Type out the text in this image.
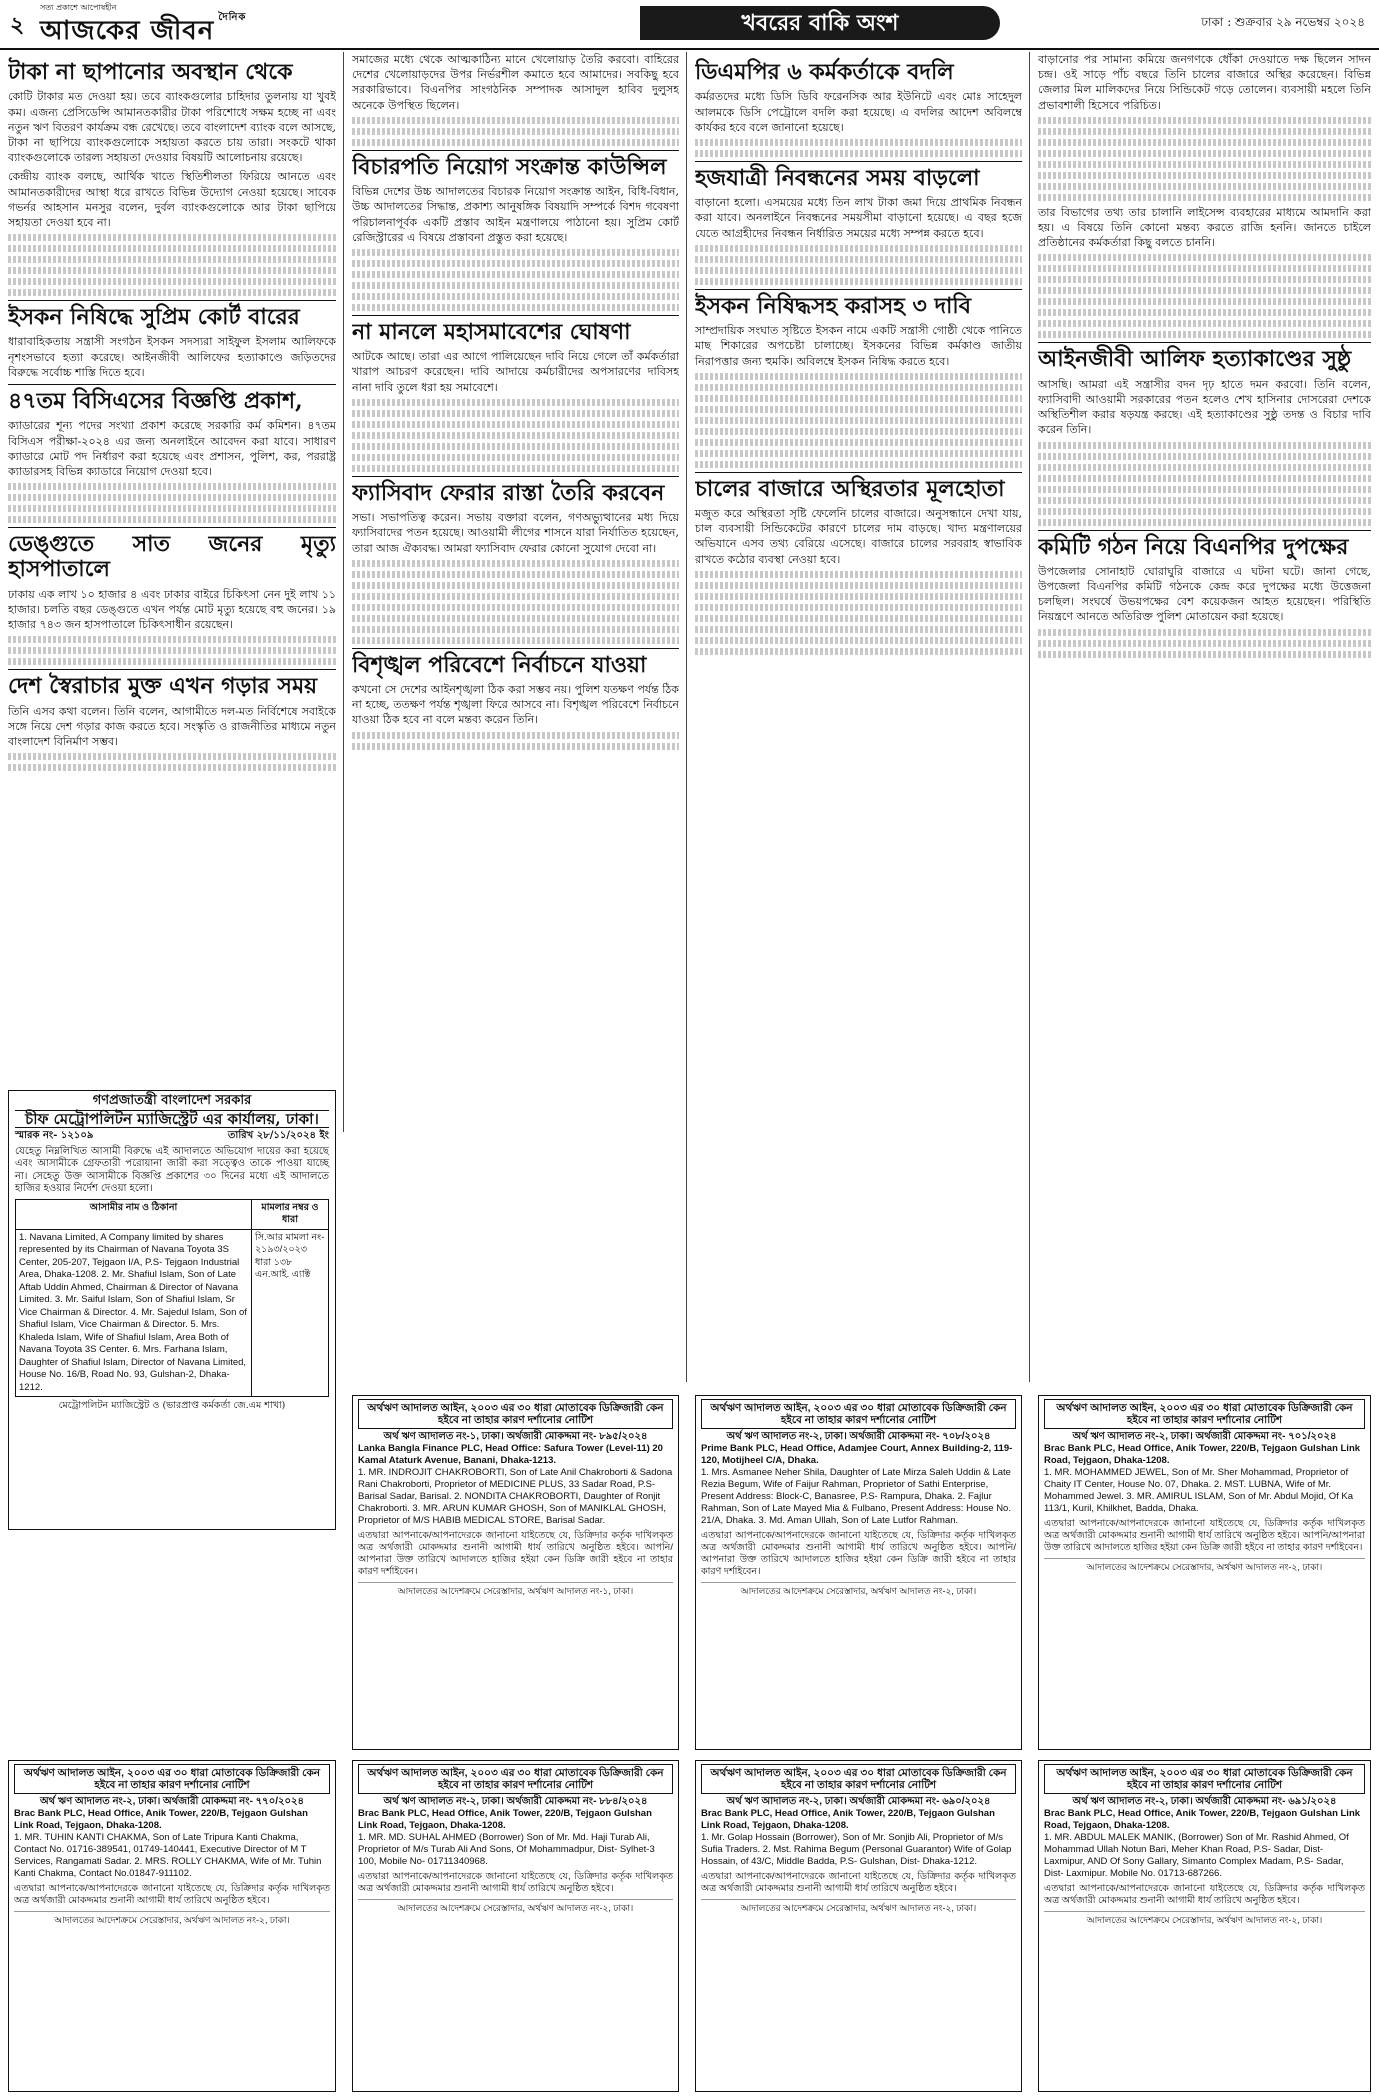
২
সত্য প্রকাশে আপোষহীন
আজকের জীবন $^{দৈনিক}$	খবরের বাকি অংশ	ঢাকা : শুক্রবার ২৯ নভেম্বর ২০২৪
টাকা না ছাপানোর অবস্থান থেকে

কোটি টাকার মত দেওয়া হয়। তবে ব্যাংকগুলোর চাহিদার তুলনায় যা খুবই কম। এজন্য প্রেসিডেন্সি আমানতকারীর টাকা পরিশোধে সক্ষম হচ্ছে না এবং নতুন ঋণ বিতরণ কার্যক্রম বন্ধ রেখেছে। তবে বাংলাদেশ ব্যাংক বলে আসছে, টাকা না ছাপিয়ে ব্যাংকগুলোকে সহায়তা করতে চায় তারা। সংকটে থাকা ব্যাংকগুলোকে তারল্য সহায়তা দেওয়ার বিষয়টি আলোচনায় রয়েছে।

কেন্দ্রীয় ব্যাংক বলছে, আর্থিক খাতে স্থিতিশীলতা ফিরিয়ে আনতে এবং আমানতকারীদের আস্থা ধরে রাখতে বিভিন্ন উদ্যোগ নেওয়া হয়েছে। সাবেক গভর্নর আহসান মনসুর বলেন, দুর্বল ব্যাংকগুলোকে আর টাকা ছাপিয়ে সহায়তা দেওয়া হবে না।

ইসকন নিষিদ্ধে সুপ্রিম কোর্ট বারের

ধারাবাহিকতায় সন্ত্রাসী সংগঠন ইসকন সদস্যরা সাইফুল ইসলাম আলিফকে নৃশংসভাবে হত্যা করেছে। আইনজীবী আলিফের হত্যাকাণ্ডে জড়িতদের বিরুদ্ধে সর্বোচ্চ শাস্তি দিতে হবে।

৪৭তম বিসিএসের বিজ্ঞপ্তি প্রকাশ,

ক্যাডারের শূন্য পদের সংখ্যা প্রকাশ করেছে সরকারি কর্ম কমিশন। ৪৭তম বিসিএস পরীক্ষা-২০২৪ এর জন্য অনলাইনে আবেদন করা যাবে। সাধারণ ক্যাডারে মোট পদ নির্ধারণ করা হয়েছে এবং প্রশাসন, পুলিশ, কর, পররাষ্ট্র ক্যাডারসহ বিভিন্ন ক্যাডারে নিয়োগ দেওয়া হবে।

ডেঙ্গুতে সাত জনের মৃত্যু হাসপাতালে

ঢাকায় এক লাখ ১০ হাজার ৪ এবং ঢাকার বাইরে চিকিৎসা নেন দুই লাখ ১১ হাজার। চলতি বছর ডেঙ্গুতে এখন পর্যন্ত মোট মৃত্যু হয়েছে বহু জনের। ১৯ হাজার ৭৪৩ জন হাসপাতালে চিকিৎসাধীন রয়েছেন।

দেশ স্বৈরাচার মুক্ত এখন গড়ার সময়

তিনি এসব কথা বলেন। তিনি বলেন, আগামীতে দল-মত নির্বিশেষে সবাইকে সঙ্গে নিয়ে দেশ গড়ার কাজ করতে হবে। সংস্কৃতি ও রাজনীতির মাধ্যমে নতুন বাংলাদেশ বিনির্মাণ সম্ভব।

সমাজের মধ্যে থেকে আত্মকাঠিন্য মানে খেলোয়াড় তৈরি করবো। বাহিরের দেশের খেলোয়াড়দের উপর নির্ভরশীল কমাতে হবে আমাদের। সবকিছু হবে সরকারিভাবে। বিএনপির সাংগঠনিক সম্পাদক আসাদুল হাবিব দুলুসহ অনেকে উপস্থিত ছিলেন।

বিচারপতি নিয়োগ সংক্রান্ত কাউন্সিল

বিভিন্ন দেশের উচ্চ আদালতের বিচারক নিয়োগ সংক্রান্ত আইন, বিধি-বিধান, উচ্চ আদালতের সিদ্ধান্ত, প্রকাশ্য আনুষঙ্গিক বিষয়াদি সম্পর্কে বিশদ গবেষণা পরিচালনাপূর্বক একটি প্রস্তাব আইন মন্ত্রণালয়ে পাঠানো হয়। সুপ্রিম কোর্ট রেজিস্ট্রারের এ বিষয়ে প্রস্তাবনা প্রস্তুত করা হয়েছে।

না মানলে মহাসমাবেশের ঘোষণা

আটকে আছে। তারা এর আগে পালিয়েছেন দাবি নিয়ে গেলে তাঁ কর্মকর্তারা খারাপ আচরণ করেছেন। দাবি আদায়ে কর্মচারীদের অপসারণের দাবিসহ নানা দাবি তুলে ধরা হয় সমাবেশে।

ফ্যাসিবাদ ফেরার রাস্তা তৈরি করবেন

সভা। সভাপতিত্ব করেন। সভায় বক্তারা বলেন, গণঅভ্যুত্থানের মধ্য দিয়ে ফ্যাসিবাদের পতন হয়েছে। আওয়ামী লীগের শাসনে যারা নির্যাতিত হয়েছেন, তারা আজ ঐক্যবদ্ধ। আমরা ফ্যাসিবাদ ফেরার কোনো সুযোগ দেবো না।

বিশৃঙ্খল পরিবেশে নির্বাচনে যাওয়া

কখনো সে দেশের আইনশৃঙ্খলা ঠিক করা সম্ভব নয়। পুলিশ যতক্ষণ পর্যন্ত ঠিক না হচ্ছে, ততক্ষণ পর্যন্ত শৃঙ্খলা ফিরে আসবে না। বিশৃঙ্খল পরিবেশে নির্বাচনে যাওয়া ঠিক হবে না বলে মন্তব্য করেন তিনি।

ডিএমপির ৬ কর্মকর্তাকে বদলি

কর্মরতদের মধ্যে ডিসি ডিবি ফরেনসিক আর ইউনিটে এবং মোঃ সাহেদুল আলমকে ডিসি পেট্রোলে বদলি করা হয়েছে। এ বদলির আদেশ অবিলম্বে কার্যকর হবে বলে জানানো হয়েছে।

হজযাত্রী নিবন্ধনের সময় বাড়লো

বাড়ানো হলো। এসময়ের মধ্যে তিন লাখ টাকা জমা দিয়ে প্রাথমিক নিবন্ধন করা যাবে। অনলাইনে নিবন্ধনের সময়সীমা বাড়ানো হয়েছে। এ বছর হজে যেতে আগ্রহীদের নিবন্ধন নির্ধারিত সময়ের মধ্যে সম্পন্ন করতে হবে।

ইসকন নিষিদ্ধসহ করাসহ ৩ দাবি

সাম্প্রদায়িক সংঘাত সৃষ্টিতে ইসকন নামে একটি সন্ত্রাসী গোষ্ঠী থেকে পানিতে মাছ শিকারের অপচেষ্টা চালাচ্ছে। ইসকনের বিভিন্ন কর্মকাণ্ড জাতীয় নিরাপত্তার জন্য হুমকি। অবিলম্বে ইসকন নিষিদ্ধ করতে হবে।

চালের বাজারে অস্থিরতার মূলহোতা

মজুত করে অস্থিরতা সৃষ্টি ফেলেনি চালের বাজারে। অনুসন্ধানে দেখা যায়, চাল ব্যবসায়ী সিন্ডিকেটের কারণে চালের দাম বাড়ছে। খাদ্য মন্ত্রণালয়ের অভিযানে এসব তথ্য বেরিয়ে এসেছে। বাজারে চালের সরবরাহ স্বাভাবিক রাখতে কঠোর ব্যবস্থা নেওয়া হবে।

বাড়ানোর পর সামান্য কমিয়ে জনগণকে ধোঁকা দেওয়াতে দক্ষ ছিলেন সাদন চন্দ্র। ওই সাড়ে পাঁচ বছরে তিনি চালের বাজারে অস্থির করেছেন। বিভিন্ন জেলার মিল মালিকদের নিয়ে সিন্ডিকেট গড়ে তোলেন। ব্যবসায়ী মহলে তিনি প্রভাবশালী হিসেবে পরিচিত।

তার বিভাগের তথ্য তার চালানি লাইসেন্স ব্যবহারের মাধ্যমে আমদানি করা হয়। এ বিষয়ে তিনি কোনো মন্তব্য করতে রাজি হননি। জানতে চাইলে প্রতিষ্ঠানের কর্মকর্তারা কিছু বলতে চাননি।

আইনজীবী আলিফ হত্যাকাণ্ডের সুষ্ঠু

আসছি। আমরা এই সন্ত্রাসীর বদন দৃঢ় হাতে দমন করবো। তিনি বলেন, ফ্যাসিবাদী আওয়ামী সরকারের পতন হলেও শেখ হাসিনার দোসরেরা দেশকে অস্থিতিশীল করার ষড়যন্ত্র করছে। এই হত্যাকাণ্ডের সুষ্ঠু তদন্ত ও বিচার দাবি করেন তিনি।

কমিটি গঠন নিয়ে বিএনপির দুপক্ষের

উপজেলার সোনাহাট ঘোরাঘুরি বাজারে এ ঘটনা ঘটে। জানা গেছে, উপজেলা বিএনপির কমিটি গঠনকে কেন্দ্র করে দুপক্ষের মধ্যে উত্তেজনা চলছিল। সংঘর্ষে উভয়পক্ষের বেশ কয়েকজন আহত হয়েছেন। পরিস্থিতি নিয়ন্ত্রণে আনতে অতিরিক্ত পুলিশ মোতায়েন করা হয়েছে।

গণপ্রজাতন্ত্রী বাংলাদেশ সরকার
চীফ মেট্রোপলিটন ম্যাজিস্ট্রেট এর কার্যালয়, ঢাকা।
স্মারক নং- ১২১০৯	তারিখ ২৮/১১/২০২৪ ইং
যেহেতু নিম্নলিখিত আসামী বিরুদ্ধে এই আদালতে অভিযোগ দায়ের করা হয়েছে এবং আসামীকে গ্রেফতারী পরোয়ানা জারী করা সত্ত্বেও তাকে পাওয়া যাচ্ছে না। সেহেতু উক্ত আসামীকে বিজ্ঞপ্তি প্রকাশের ৩০ দিনের মধ্যে এই আদালতে হাজির হওয়ার নির্দেশ দেওয়া হলো।
আসামীর নাম ও ঠিকানা	মামলার নম্বর ও ধারা
1. Navana Limited, A Company limited by shares represented by its Chairman of Navana Toyota 3S Center, 205-207, Tejgaon I/A, P.S- Tejgaon Industrial Area, Dhaka-1208. 2. Mr. Shafiul Islam, Son of Late Aftab Uddin Ahmed, Chairman & Director of Navana Limited. 3. Mr. Saiful Islam, Son of Shafiul Islam, Sr Vice Chairman & Director. 4. Mr. Sajedul Islam, Son of Shafiul Islam, Vice Chairman & Director. 5. Mrs. Khaleda Islam, Wife of Shafiul Islam, Area Both of Navana Toyota 3S Center. 6. Mrs. Farhana Islam, Daughter of Shafiul Islam, Director of Navana Limited, House No. 16/B, Road No. 93, Gulshan-2, Dhaka-1212.	সি.আর মামলা নং- ২১৯৩/২০২৩ ধারা ১৩৮ এন.আই. এ্যাক্ট
মেট্রোপলিটন ম্যাজিস্ট্রেট ও (ভারপ্রাপ্ত কর্মকর্তা জে.এম শাখা)	অর্থঋণ আদালত আইন, ২০০৩ এর ৩০ ধারা মোতাবেক ডিক্রিজারী কেন হইবে না তাহার কারণ দর্শানোর নোটিশ
অর্থ ঋণ আদালত নং-১, ঢাকা। অর্থজারী মোকদ্দমা নং- ৮৯৫/২০২৪
Lanka Bangla Finance PLC, Head Office: Safura Tower (Level-11) 20 Kamal Ataturk Avenue, Banani, Dhaka-1213.
1. MR. INDROJIT CHAKROBORTI, Son of Late Anil Chakroborti & Sadona Rani Chakroborti, Proprietor of MEDICINE PLUS, 33 Sadar Road, P.S- Barisal Sadar, Barisal. 2. NONDITA CHAKROBORTI, Daughter of Ronjit Chakroborti. 3. MR. ARUN KUMAR GHOSH, Son of MANIKLAL GHOSH, Proprietor of M/S HABIB MEDICAL STORE, Barisal Sadar.
এতদ্বারা আপনাকে/আপনাদেরকে জানানো যাইতেছে যে, ডিক্রিদার কর্তৃক দাখিলকৃত অত্র অর্থজারী মোকদ্দমার শুনানী আগামী ধার্য তারিখে অনুষ্ঠিত হইবে। আপনি/আপনারা উক্ত তারিখে আদালতে হাজির হইয়া কেন ডিক্রি জারী হইবে না তাহার কারণ দর্শাইবেন।
আদালতের আদেশক্রমে সেরেস্তাদার, অর্থঋণ আদালত নং-১, ঢাকা।
অর্থঋণ আদালত আইন, ২০০৩ এর ৩০ ধারা মোতাবেক ডিক্রিজারী কেন হইবে না তাহার কারণ দর্শানোর নোটিশ
অর্থ ঋণ আদালত নং-২, ঢাকা। অর্থজারী মোকদ্দমা নং- ৭০৮/২০২৪
Prime Bank PLC, Head Office, Adamjee Court, Annex Building-2, 119-120, Motijheel C/A, Dhaka.
1. Mrs. Asmanee Neher Shila, Daughter of Late Mirza Saleh Uddin & Late Rezia Begum, Wife of Faijur Rahman, Proprietor of Sathi Enterprise, Present Address: Block-C, Banasree, P.S- Rampura, Dhaka. 2. Fajlur Rahman, Son of Late Mayed Mia & Fulbano, Present Address: House No. 21/A, Dhaka. 3. Md. Aman Ullah, Son of Late Lutfor Rahman.
এতদ্বারা আপনাকে/আপনাদেরকে জানানো যাইতেছে যে, ডিক্রিদার কর্তৃক দাখিলকৃত অত্র অর্থজারী মোকদ্দমার শুনানী আগামী ধার্য তারিখে অনুষ্ঠিত হইবে। আপনি/আপনারা উক্ত তারিখে আদালতে হাজির হইয়া কেন ডিক্রি জারী হইবে না তাহার কারণ দর্শাইবেন।
আদালতের আদেশক্রমে সেরেস্তাদার, অর্থঋণ আদালত নং-২, ঢাকা।
অর্থঋণ আদালত আইন, ২০০৩ এর ৩০ ধারা মোতাবেক ডিক্রিজারী কেন হইবে না তাহার কারণ দর্শানোর নোটিশ
অর্থ ঋণ আদালত নং-২, ঢাকা। অর্থজারী মোকদ্দমা নং- ৭০১/২০২৪
Brac Bank PLC, Head Office, Anik Tower, 220/B, Tejgaon Gulshan Link Road, Tejgaon, Dhaka-1208.
1. MR. MOHAMMED JEWEL, Son of Mr. Sher Mohammad, Proprietor of Chaity IT Center, House No. 07, Dhaka. 2. MST. LUBNA, Wife of Mr. Mohammed Jewel. 3. MR. AMIRUL ISLAM, Son of Mr. Abdul Mojid, Of Ka 113/1, Kuril, Khilkhet, Badda, Dhaka.
এতদ্বারা আপনাকে/আপনাদেরকে জানানো যাইতেছে যে, ডিক্রিদার কর্তৃক দাখিলকৃত অত্র অর্থজারী মোকদ্দমার শুনানী আগামী ধার্য তারিখে অনুষ্ঠিত হইবে। আপনি/আপনারা উক্ত তারিখে আদালতে হাজির হইয়া কেন ডিক্রি জারী হইবে না তাহার কারণ দর্শাইবেন।
আদালতের আদেশক্রমে সেরেস্তাদার, অর্থঋণ আদালত নং-২, ঢাকা।
অর্থঋণ আদালত আইন, ২০০৩ এর ৩০ ধারা মোতাবেক ডিক্রিজারী কেন হইবে না তাহার কারণ দর্শানোর নোটিশ
অর্থ ঋণ আদালত নং-২, ঢাকা। অর্থজারী মোকদ্দমা নং- ৭৭০/২০২৪
Brac Bank PLC, Head Office, Anik Tower, 220/B, Tejgaon Gulshan Link Road, Tejgaon, Dhaka-1208.
1. MR. TUHIN KANTI CHAKMA, Son of Late Tripura Kanti Chakma, Contact No. 01716-389541, 01749-140441, Executive Director of M T Services, Rangamati Sadar. 2. MRS. ROLLY CHAKMA, Wife of Mr. Tuhin Kanti Chakma, Contact No.01847-911102.
এতদ্বারা আপনাকে/আপনাদেরকে জানানো যাইতেছে যে, ডিক্রিদার কর্তৃক দাখিলকৃত অত্র অর্থজারী মোকদ্দমার শুনানী আগামী ধার্য তারিখে অনুষ্ঠিত হইবে।
আদালতের আদেশক্রমে সেরেস্তাদার, অর্থঋণ আদালত নং-২, ঢাকা।
অর্থঋণ আদালত আইন, ২০০৩ এর ৩০ ধারা মোতাবেক ডিক্রিজারী কেন হইবে না তাহার কারণ দর্শানোর নোটিশ
অর্থ ঋণ আদালত নং-২, ঢাকা। অর্থজারী মোকদ্দমা নং- ৮৮৪/২০২৪
Brac Bank PLC, Head Office, Anik Tower, 220/B, Tejgaon Gulshan Link Road, Tejgaon, Dhaka-1208.
1. MR. MD. SUHAL AHMED (Borrower) Son of Mr. Md. Haji Turab Ali, Proprietor of M/s Turab Ali And Sons, Of Mohammadpur, Dist- Sylhet-3 100, Mobile No- 01711340968.
এতদ্বারা আপনাকে/আপনাদেরকে জানানো যাইতেছে যে, ডিক্রিদার কর্তৃক দাখিলকৃত অত্র অর্থজারী মোকদ্দমার শুনানী আগামী ধার্য তারিখে অনুষ্ঠিত হইবে।
আদালতের আদেশক্রমে সেরেস্তাদার, অর্থঋণ আদালত নং-২, ঢাকা।
অর্থঋণ আদালত আইন, ২০০৩ এর ৩০ ধারা মোতাবেক ডিক্রিজারী কেন হইবে না তাহার কারণ দর্শানোর নোটিশ
অর্থ ঋণ আদালত নং-২, ঢাকা। অর্থজারী মোকদ্দমা নং- ৬৯০/২০২৪
Brac Bank PLC, Head Office, Anik Tower, 220/B, Tejgaon Gulshan Link Road, Tejgaon, Dhaka-1208.
1. Mr. Golap Hossain (Borrower), Son of Mr. Sonjib Ali, Proprietor of M/s Sufia Traders. 2. Mst. Rahima Begum (Personal Guarantor) Wife of Golap Hossain, of 43/C, Middle Badda, P.S- Gulshan, Dist- Dhaka-1212.
এতদ্বারা আপনাকে/আপনাদেরকে জানানো যাইতেছে যে, ডিক্রিদার কর্তৃক দাখিলকৃত অত্র অর্থজারী মোকদ্দমার শুনানী আগামী ধার্য তারিখে অনুষ্ঠিত হইবে।
আদালতের আদেশক্রমে সেরেস্তাদার, অর্থঋণ আদালত নং-২, ঢাকা।
অর্থঋণ আদালত আইন, ২০০৩ এর ৩০ ধারা মোতাবেক ডিক্রিজারী কেন হইবে না তাহার কারণ দর্শানোর নোটিশ
অর্থ ঋণ আদালত নং-২, ঢাকা। অর্থজারী মোকদ্দমা নং- ৬৯১/২০২৪
Brac Bank PLC, Head Office, Anik Tower, 220/B, Tejgaon Gulshan Link Road, Tejgaon, Dhaka-1208.
1. MR. ABDUL MALEK MANIK, (Borrower) Son of Mr. Rashid Ahmed, Of Mohammad Ullah Notun Bari, Meher Khan Road, P.S- Sadar, Dist- Laxmipur, AND Of Sony Gallary, Simanto Complex Madam, P.S- Sadar, Dist- Laxmipur. Mobile No. 01713-687266.
এতদ্বারা আপনাকে/আপনাদেরকে জানানো যাইতেছে যে, ডিক্রিদার কর্তৃক দাখিলকৃত অত্র অর্থজারী মোকদ্দমার শুনানী আগামী ধার্য তারিখে অনুষ্ঠিত হইবে।
আদালতের আদেশক্রমে সেরেস্তাদার, অর্থঋণ আদালত নং-২, ঢাকা।
